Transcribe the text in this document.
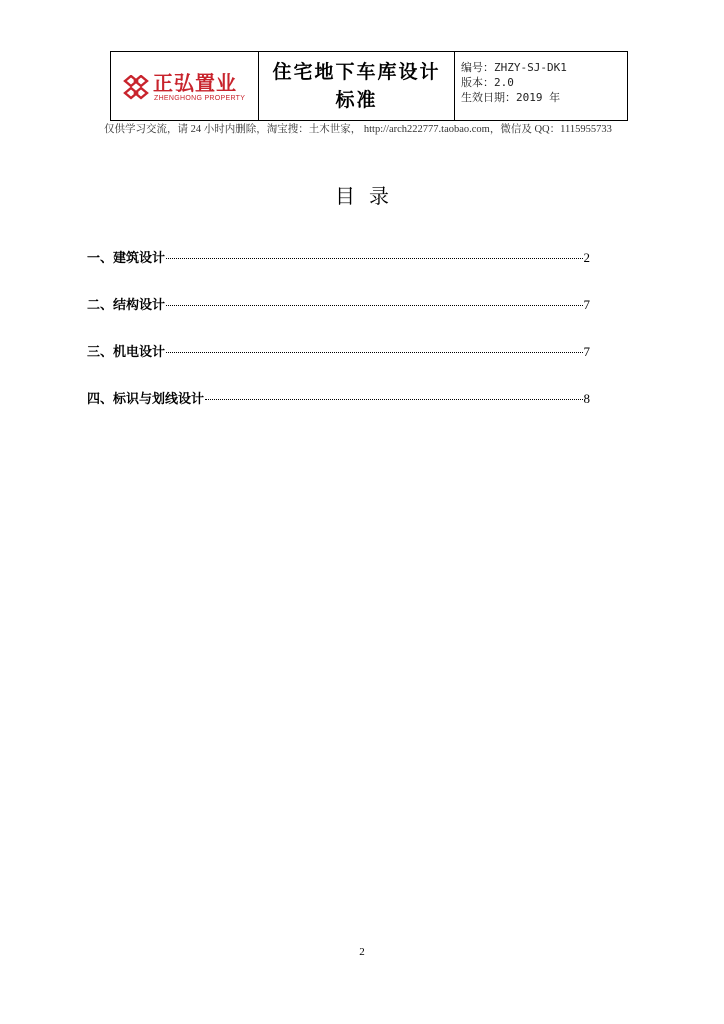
正弘置业
ZHENGHONG PROPERTY
住宅地下车库设计
标准
编号：ZHZY-SJ-DK1
版本：2.0
生效日期：2019 年
仅供学习交流，请 24 小时内删除，淘宝搜：土木世家， http://arch222777.taobao.com，微信及 QQ：1115955733
目录
一、建筑设计	2
二、结构设计	7
三、机电设计	7
四、标识与划线设计	8
2
